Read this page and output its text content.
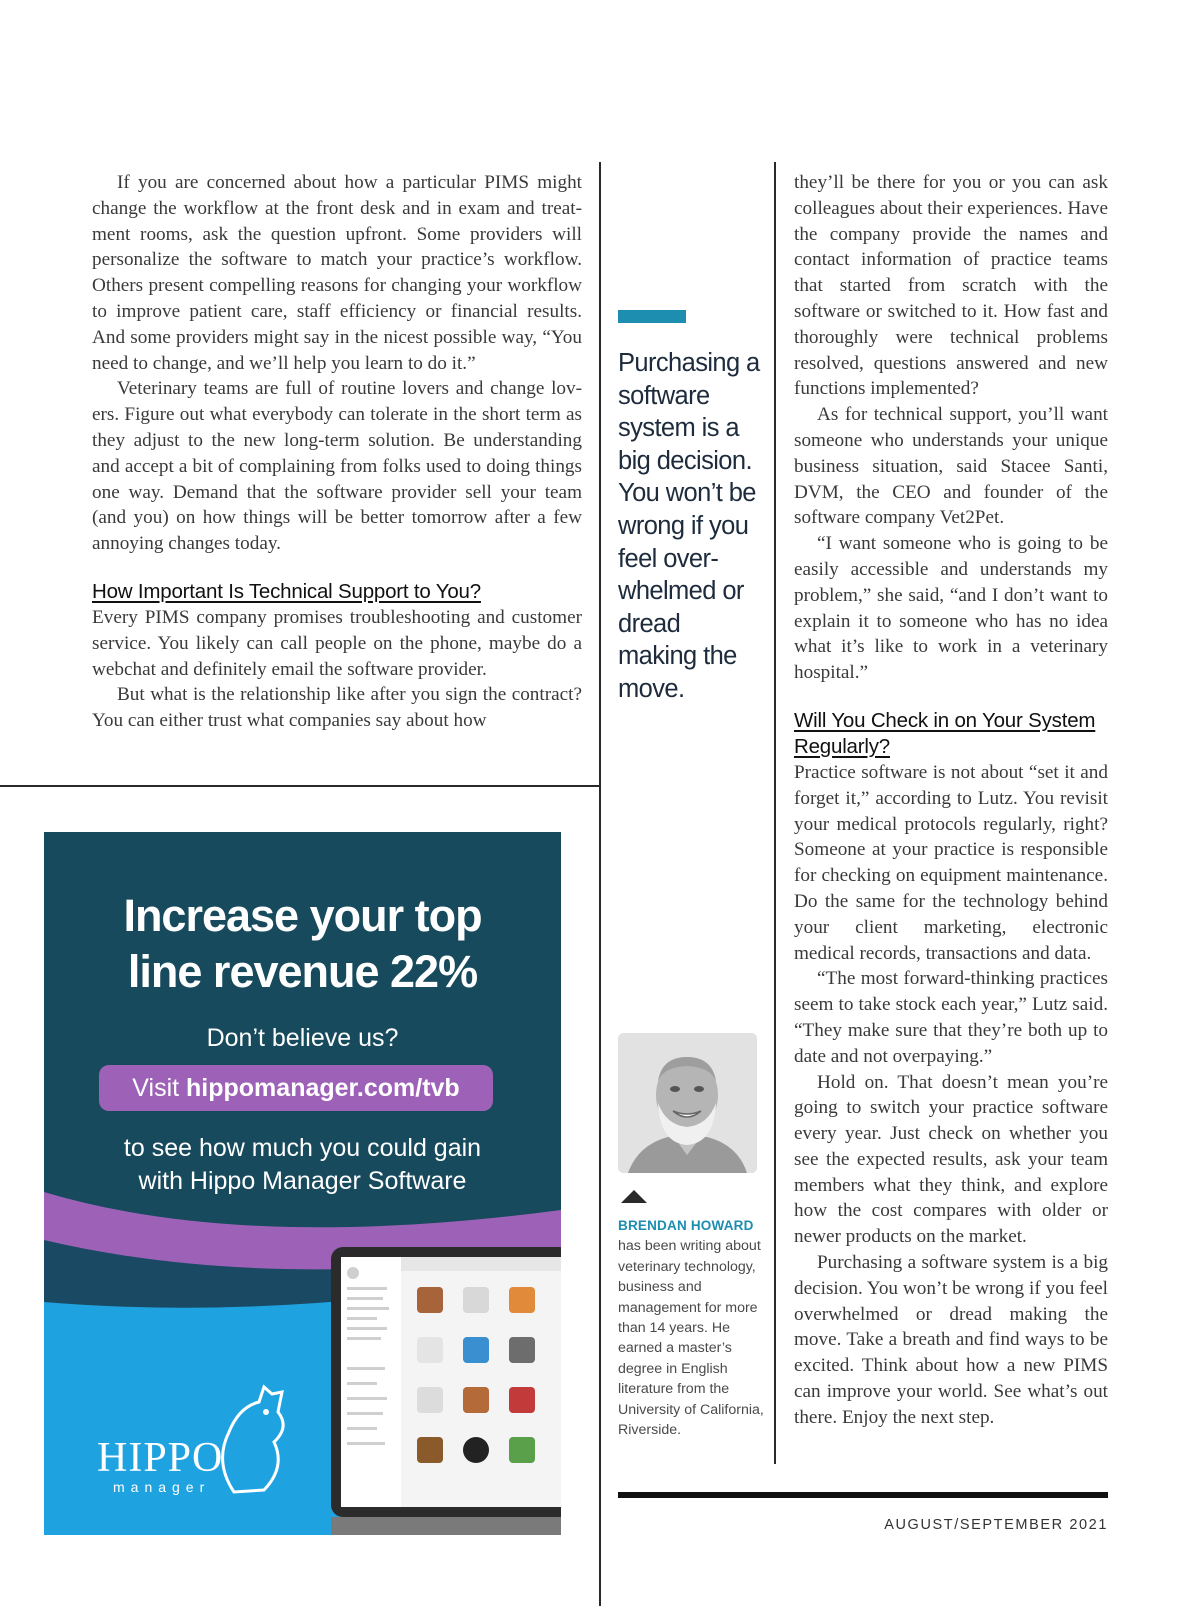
If you are concerned about how a particular PIMS might change the workflow at the front desk and in exam and treatment rooms, ask the question upfront. Some providers will personalize the software to match your practice’s workflow. Others present compelling reasons for changing your workflow to improve patient care, staff efficiency or financial results. And some providers might say in the nicest possible way, “You need to change, and we’ll help you learn to do it.”

Veterinary teams are full of routine lovers and change lovers. Figure out what everybody can tolerate in the short term as they adjust to the new long-term solution. Be understanding and accept a bit of complaining from folks used to doing things one way. Demand that the software provider sell your team (and you) on how things will be better tomorrow after a few annoying changes today.

How Important Is Technical Support to You?

Every PIMS company promises troubleshooting and customer service. You likely can call people on the phone, maybe do a webchat and definitely email the software provider.

But what is the relationship like after you sign the contract? You can either trust what companies say about how

Purchasing a software system is a big decision. You won’t be wrong if you feel overwhelmed or dread making the move.
BRENDAN HOWARD
has been writing about veterinary technology, business and management for more than 14 years. He earned a master’s degree in English literature from the University of California, Riverside.

they’ll be there for you or you can ask colleagues about their experiences. Have the company provide the names and contact information of practice teams that started from scratch with the software or switched to it. How fast and thoroughly were technical problems resolved, questions answered and new functions implemented?

As for technical support, you’ll want someone who understands your unique business situation, said Stacee Santi, DVM, the CEO and founder of the software company Vet2Pet.

“I want someone who is going to be easily accessible and understands my problem,” she said, “and I don’t want to explain it to someone who has no idea what it’s like to work in a veterinary hospital.”

Will You Check in on Your System Regularly?

Practice software is not about “set it and forget it,” according to Lutz. You revisit your medical protocols regularly, right? Someone at your practice is responsible for checking on equipment maintenance. Do the same for the technology behind your client marketing, electronic medical records, transactions and data.

“The most forward-thinking practices seem to take stock each year,” Lutz said. “They make sure that they’re both up to date and not overpaying.”

Hold on. That doesn’t mean you’re going to switch your practice software every year. Just check on whether you see the expected results, ask your team members what they think, and explore how the cost compares with older or newer products on the market.

Purchasing a software system is a big decision. You won’t be wrong if you feel overwhelmed or dread making the move. Take a breath and find ways to be excited. Think about how a new PIMS can improve your world. See what’s out there. Enjoy the next step.

AUGUST/SEPTEMBER 2021
Increase your top
line revenue 22%
Don’t believe us?
Visit hippomanager.com/tvb
to see how much you could gain
with Hippo Manager Software
HIPPO
manager
